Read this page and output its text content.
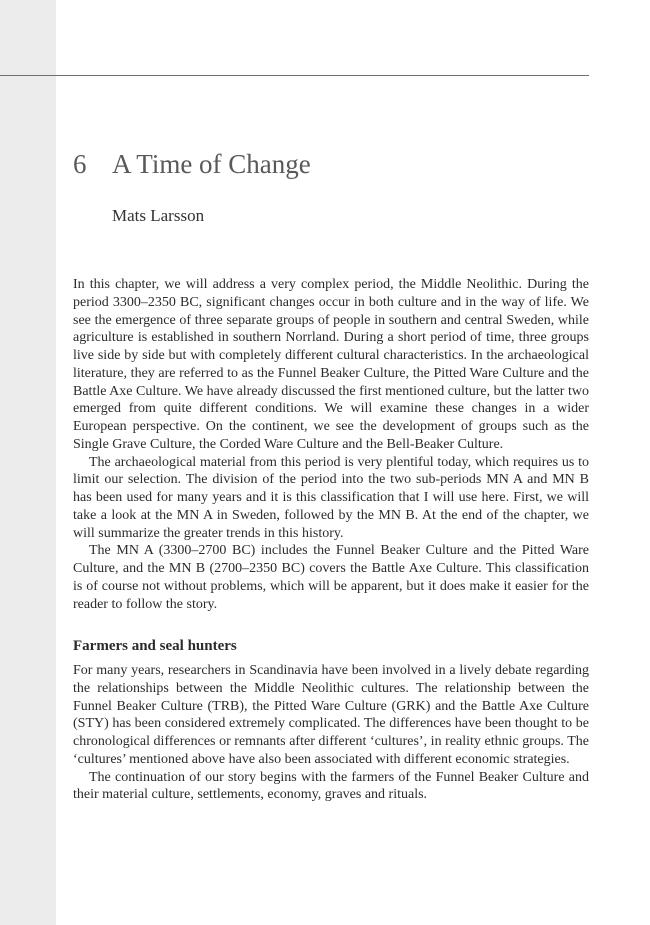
6 A Time of Change
Mats Larsson

In this chapter, we will address a very complex period, the Middle Neolithic. During the period 3300–2350 BC, significant changes occur in both culture and in the way of life. We see the emergence of three separate groups of people in southern and central Sweden, while agriculture is established in southern Norrland. During a short period of time, three groups live side by side but with completely different cultural characteristics. In the archaeological literature, they are referred to as the Funnel Beaker Culture, the Pitted Ware Culture and the Battle Axe Culture. We have already discussed the first mentioned culture, but the latter two emerged from quite different conditions. We will examine these changes in a wider European perspective. On the continent, we see the development of groups such as the Single Grave Culture, the Corded Ware Culture and the Bell-Beaker Culture.

The archaeological material from this period is very plentiful today, which requires us to limit our selection. The division of the period into the two sub-periods MN A and MN B has been used for many years and it is this classification that I will use here. First, we will take a look at the MN A in Sweden, followed by the MN B. At the end of the chapter, we will summarize the greater trends in this history.

The MN A (3300–2700 BC) includes the Funnel Beaker Culture and the Pitted Ware Culture, and the MN B (2700–2350 BC) covers the Battle Axe Culture. This classification is of course not without problems, which will be apparent, but it does make it easier for the reader to follow the story.

Farmers and seal hunters

For many years, researchers in Scandinavia have been involved in a lively debate regarding the relationships between the Middle Neolithic cultures. The relationship between the Funnel Beaker Culture (TRB), the Pitted Ware Culture (GRK) and the Battle Axe Culture (STY) has been considered extremely complicated. The differences have been thought to be chronological differences or remnants after different ‘cultures’, in reality ethnic groups. The ‘cultures’ mentioned above have also been associated with different economic strategies.

The continuation of our story begins with the farmers of the Funnel Beaker Culture and their material culture, settlements, economy, graves and rituals.
